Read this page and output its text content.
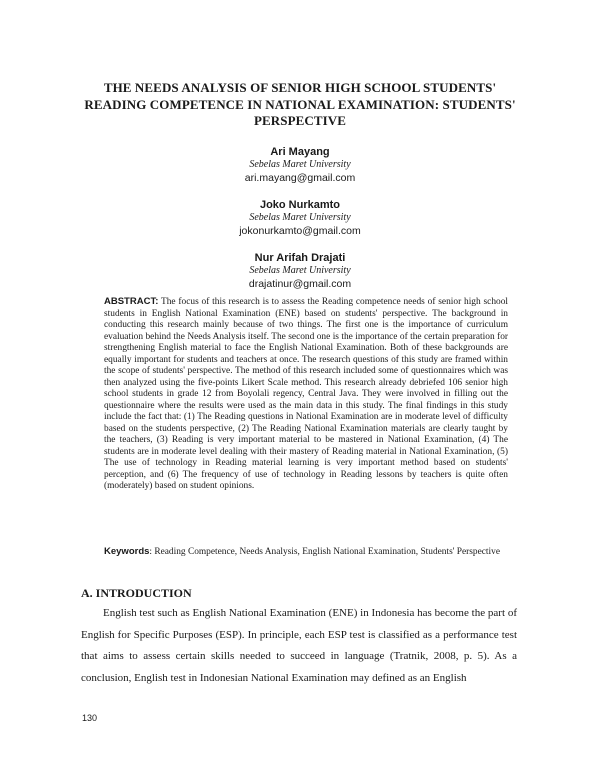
THE NEEDS ANALYSIS OF SENIOR HIGH SCHOOL STUDENTS' READING COMPETENCE IN NATIONAL EXAMINATION: STUDENTS' PERSPECTIVE
Ari Mayang
Sebelas Maret University
ari.mayang@gmail.com
Joko Nurkamto
Sebelas Maret University
jokonurkamto@gmail.com
Nur Arifah Drajati
Sebelas Maret University
drajatinur@gmail.com
ABSTRACT: The focus of this research is to assess the Reading competence needs of senior high school students in English National Examination (ENE) based on students' perspective. The background in conducting this research mainly because of two things. The first one is the importance of curriculum evaluation behind the Needs Analysis itself. The second one is the importance of the certain preparation for strengthening English material to face the English National Examination. Both of these backgrounds are equally important for students and teachers at once. The research questions of this study are framed within the scope of students' perspective. The method of this research included some of questionnaires which was then analyzed using the five-points Likert Scale method. This research already debriefed 106 senior high school students in grade 12 from Boyolali regency, Central Java. They were involved in filling out the questionnaire where the results were used as the main data in this study. The final findings in this study include the fact that: (1) The Reading questions in National Examination are in moderate level of difficulty based on the students perspective, (2) The Reading National Examination materials are clearly taught by the teachers, (3) Reading is very important material to be mastered in National Examination, (4) The students are in moderate level dealing with their mastery of Reading material in National Examination, (5) The use of technology in Reading material learning is very important method based on students' perception, and (6) The frequency of use of technology in Reading lessons by teachers is quite often (moderately) based on student opinions.
Keywords: Reading Competence, Needs Analysis, English National Examination, Students' Perspective
A. INTRODUCTION
English test such as English National Examination (ENE) in Indonesia has become the part of English for Specific Purposes (ESP). In principle, each ESP test is classified as a performance test that aims to assess certain skills needed to succeed in language (Tratnik, 2008, p. 5). As a conclusion, English test in Indonesian National Examination may defined as an English
130
